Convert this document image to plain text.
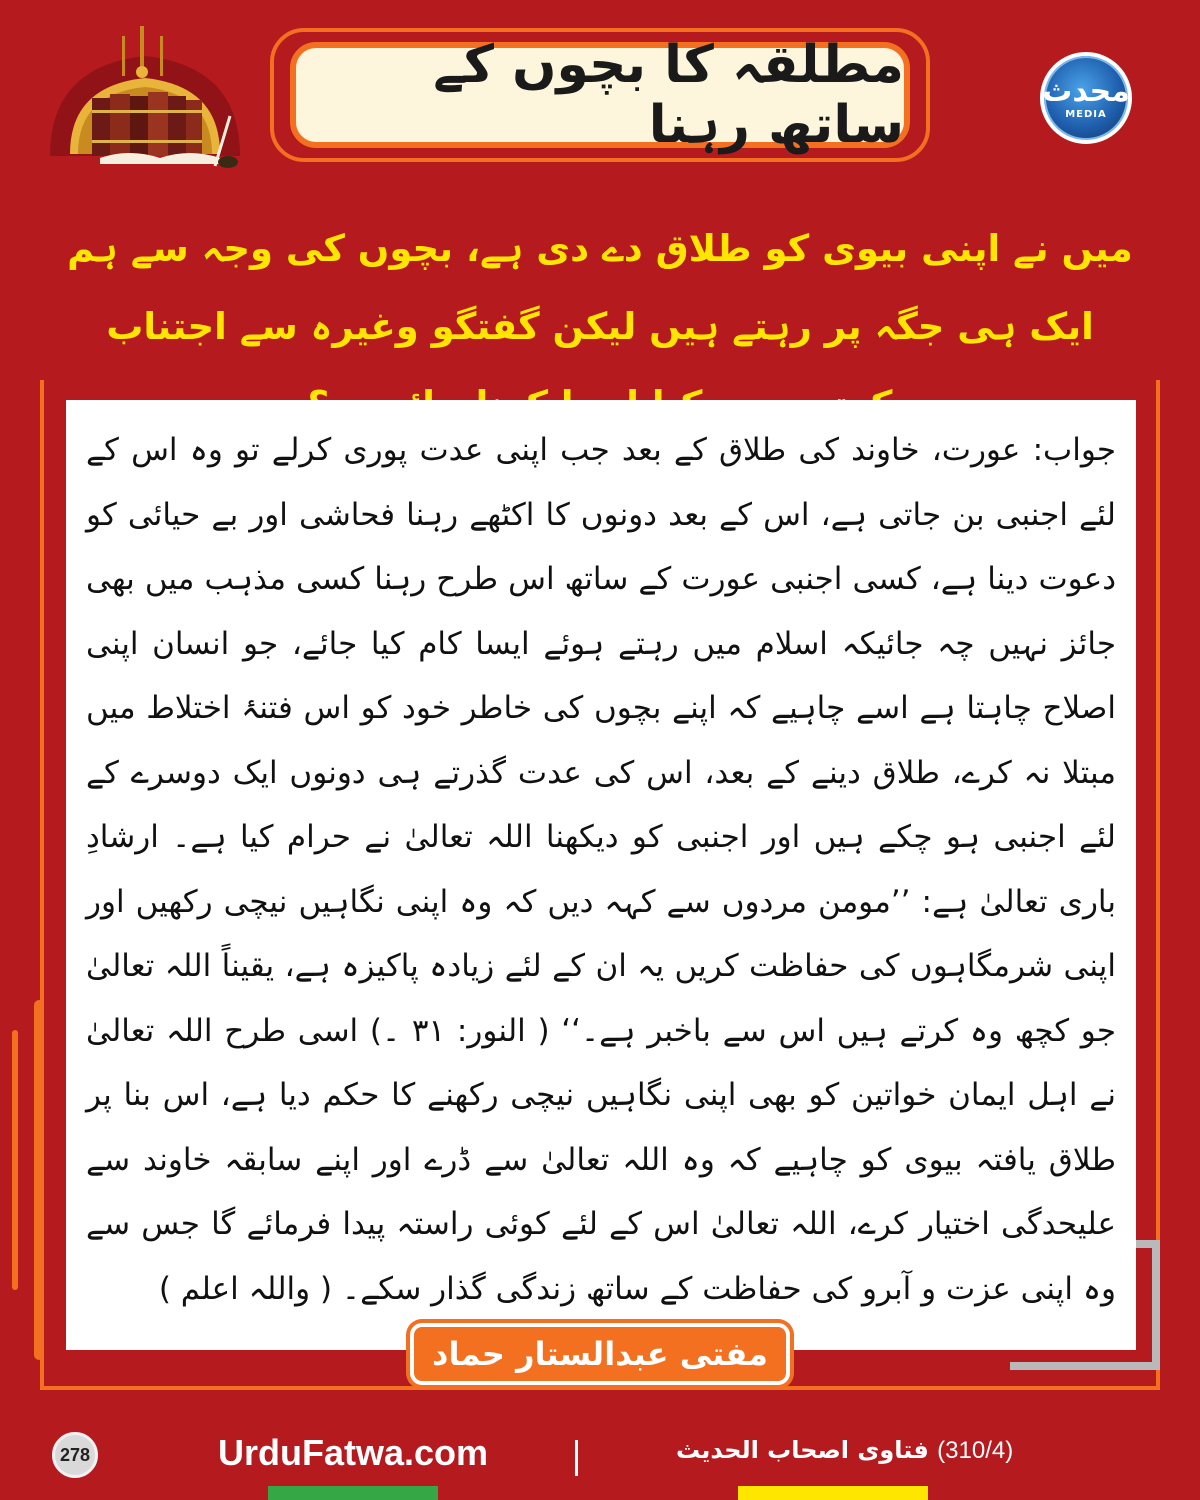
مطلقہ کا بچوں کے ساتھ رہنا
محدث
MEDIA
میں نے اپنی بیوی کو طلاق دے دی ہے، بچوں کی وجہ سے ہم ایک ہی جگہ پر رہتے ہیں لیکن گفتگو وغیرہ سے اجتناب
جواب: عورت، خاوند کی طلاق کے بعد جب اپنی عدت پوری کرلے تو وہ اس کے لئے اجنبی بن جاتی ہے، اس کے بعد دونوں کا اکٹھے رہنا فحاشی اور بے حیائی کو دعوت دینا ہے، کسی اجنبی عورت کے ساتھ اس طرح رہنا کسی مذہب میں بھی جائز نہیں چہ جائیکہ اسلام میں رہتے ہوئے ایسا کام کیا جائے، جو انسان اپنی اصلاح چاہتا ہے اسے چاہیے کہ اپنے بچوں کی خاطر خود کو اس فتنۂ اختلاط میں مبتلا نہ کرے، طلاق دینے کے بعد، اس کی عدت گذرتے ہی دونوں ایک دوسرے کے لئے اجنبی ہو چکے ہیں اور اجنبی کو دیکھنا اللہ تعالیٰ نے حرام کیا ہے۔ ارشادِ باری تعالیٰ ہے: ’’مومن مردوں سے کہہ دیں کہ وہ اپنی نگاہیں نیچی رکھیں اور اپنی شرمگاہوں کی حفاظت کریں یہ ان کے لئے زیادہ پاکیزہ ہے، یقیناً اللہ تعالیٰ جو کچھ وہ کرتے ہیں اس سے باخبر ہے۔‘‘ ( النور: ۳۱ ۔) اسی طرح اللہ تعالیٰ نے اہل ایمان خواتین کو بھی اپنی نگاہیں نیچی رکھنے کا حکم دیا ہے، اس بنا پر طلاق یافتہ بیوی کو چاہیے کہ وہ اللہ تعالیٰ سے ڈرے اور اپنے سابقہ خاوند سے علیحدگی اختیار کرے، اللہ تعالیٰ اس کے لئے کوئی راستہ پیدا فرمائے گا جس سے وہ اپنی عزت و آبرو کی حفاظت کے ساتھ زندگی گذار سکے۔ ( واللہ اعلم )
مفتی عبدالستار حماد
278	UrduFatwa.com	(310/4) فتاوی اصحاب الحدیث
